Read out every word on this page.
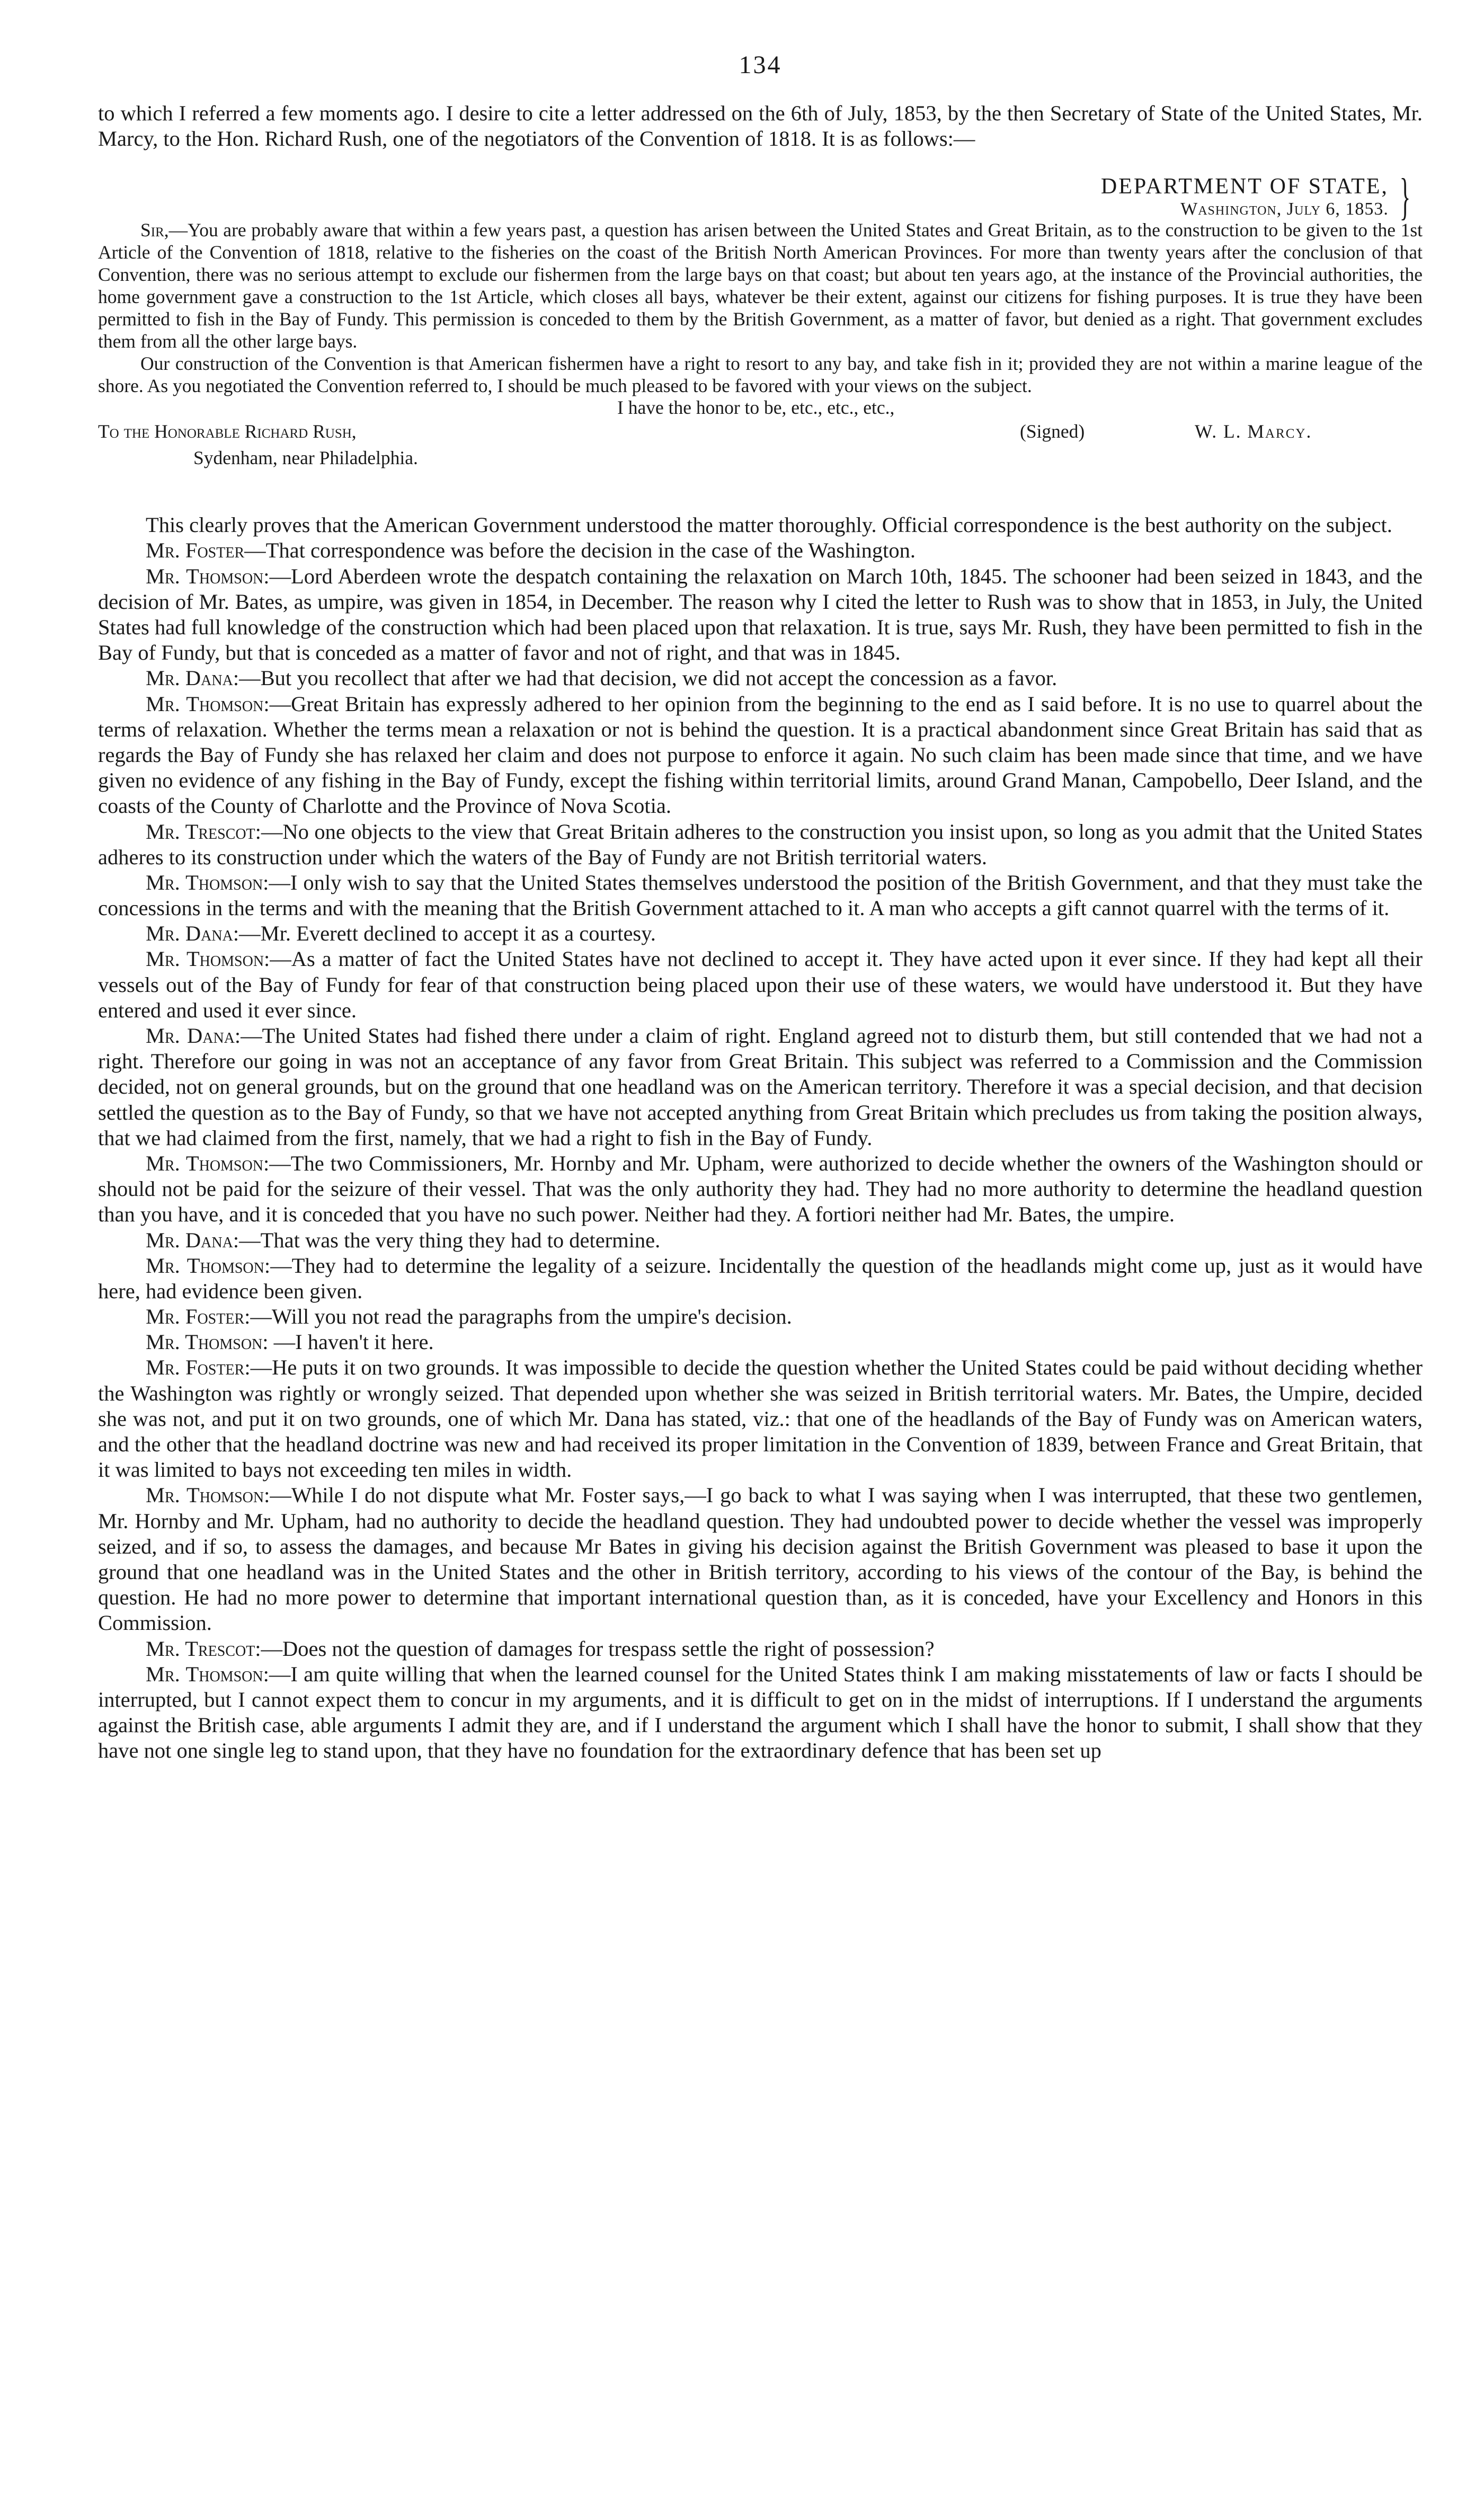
134

to which I referred a few moments ago. I desire to cite a letter addressed on the 6th of July, 1853, by the then Secretary of State of the United States, Mr. Marcy, to the Hon. Richard Rush, one of the negotiators of the Convention of 1818. It is as follows:—

DEPARTMENT OF STATE,
Washington, July 6, 1853. }

Sir,—You are probably aware that within a few years past, a question has arisen between the United States and Great Britain, as to the construction to be given to the 1st Article of the Convention of 1818, relative to the fisheries on the coast of the British North American Provinces. For more than twenty years after the conclusion of that Convention, there was no serious attempt to exclude our fishermen from the large bays on that coast; but about ten years ago, at the instance of the Provincial authorities, the home government gave a construction to the 1st Article, which closes all bays, whatever be their extent, against our citizens for fishing purposes. It is true they have been permitted to fish in the Bay of Fundy. This permission is conceded to them by the British Government, as a matter of favor, but denied as a right. That government excludes them from all the other large bays.

Our construction of the Convention is that American fishermen have a right to resort to any bay, and take fish in it; provided they are not within a marine league of the shore. As you negotiated the Convention referred to, I should be much pleased to be favored with your views on the subject.

I have the honor to be, etc., etc., etc.,

To the Honorable Richard Rush,	(Signed)	W. L. Marcy.
Sydenham, near Philadelphia.

This clearly proves that the American Government understood the matter thoroughly. Official correspondence is the best authority on the subject.

Mr. Foster—That correspondence was before the decision in the case of the Washington.

Mr. Thomson:—Lord Aberdeen wrote the despatch containing the relaxation on March 10th, 1845. The schooner had been seized in 1843, and the decision of Mr. Bates, as umpire, was given in 1854, in December. The reason why I cited the letter to Rush was to show that in 1853, in July, the United States had full knowledge of the construction which had been placed upon that relaxation. It is true, says Mr. Rush, they have been permitted to fish in the Bay of Fundy, but that is conceded as a matter of favor and not of right, and that was in 1845.

Mr. Dana:—But you recollect that after we had that decision, we did not accept the concession as a favor.

Mr. Thomson:—Great Britain has expressly adhered to her opinion from the beginning to the end as I said before. It is no use to quarrel about the terms of relaxation. Whether the terms mean a relaxation or not is behind the question. It is a practical abandonment since Great Britain has said that as regards the Bay of Fundy she has relaxed her claim and does not purpose to enforce it again. No such claim has been made since that time, and we have given no evidence of any fishing in the Bay of Fundy, except the fishing within territorial limits, around Grand Manan, Campobello, Deer Island, and the coasts of the County of Charlotte and the Province of Nova Scotia.

Mr. Trescot:—No one objects to the view that Great Britain adheres to the construction you insist upon, so long as you admit that the United States adheres to its construction under which the waters of the Bay of Fundy are not British territorial waters.

Mr. Thomson:—I only wish to say that the United States themselves understood the position of the British Government, and that they must take the concessions in the terms and with the meaning that the British Government attached to it. A man who accepts a gift cannot quarrel with the terms of it.

Mr. Dana:—Mr. Everett declined to accept it as a courtesy.

Mr. Thomson:—As a matter of fact the United States have not declined to accept it. They have acted upon it ever since. If they had kept all their vessels out of the Bay of Fundy for fear of that construction being placed upon their use of these waters, we would have understood it. But they have entered and used it ever since.

Mr. Dana:—The United States had fished there under a claim of right. England agreed not to disturb them, but still contended that we had not a right. Therefore our going in was not an acceptance of any favor from Great Britain. This subject was referred to a Commission and the Commission decided, not on general grounds, but on the ground that one headland was on the American territory. Therefore it was a special decision, and that decision settled the question as to the Bay of Fundy, so that we have not accepted anything from Great Britain which precludes us from taking the position always, that we had claimed from the first, namely, that we had a right to fish in the Bay of Fundy.

Mr. Thomson:—The two Commissioners, Mr. Hornby and Mr. Upham, were authorized to decide whether the owners of the Washington should or should not be paid for the seizure of their vessel. That was the only authority they had. They had no more authority to determine the headland question than you have, and it is conceded that you have no such power. Neither had they. A fortiori neither had Mr. Bates, the umpire.

Mr. Dana:—That was the very thing they had to determine.

Mr. Thomson:—They had to determine the legality of a seizure. Incidentally the question of the headlands might come up, just as it would have here, had evidence been given.

Mr. Foster:—Will you not read the paragraphs from the umpire's decision.

Mr. Thomson: —I haven't it here.

Mr. Foster:—He puts it on two grounds. It was impossible to decide the question whether the United States could be paid without deciding whether the Washington was rightly or wrongly seized. That depended upon whether she was seized in British territorial waters. Mr. Bates, the Umpire, decided she was not, and put it on two grounds, one of which Mr. Dana has stated, viz.: that one of the headlands of the Bay of Fundy was on American waters, and the other that the headland doctrine was new and had received its proper limitation in the Convention of 1839, between France and Great Britain, that it was limited to bays not exceeding ten miles in width.

Mr. Thomson:—While I do not dispute what Mr. Foster says,—I go back to what I was saying when I was interrupted, that these two gentlemen, Mr. Hornby and Mr. Upham, had no authority to decide the headland question. They had undoubted power to decide whether the vessel was improperly seized, and if so, to assess the damages, and because Mr Bates in giving his decision against the British Government was pleased to base it upon the ground that one headland was in the United States and the other in British territory, according to his views of the contour of the Bay, is behind the question. He had no more power to determine that important international question than, as it is conceded, have your Excellency and Honors in this Commission.

Mr. Trescot:—Does not the question of damages for trespass settle the right of possession?

Mr. Thomson:—I am quite willing that when the learned counsel for the United States think I am making misstatements of law or facts I should be interrupted, but I cannot expect them to concur in my arguments, and it is difficult to get on in the midst of interruptions. If I understand the arguments against the British case, able arguments I admit they are, and if I understand the argument which I shall have the honor to submit, I shall show that they have not one single leg to stand upon, that they have no foundation for the extraordinary defence that has been set up
